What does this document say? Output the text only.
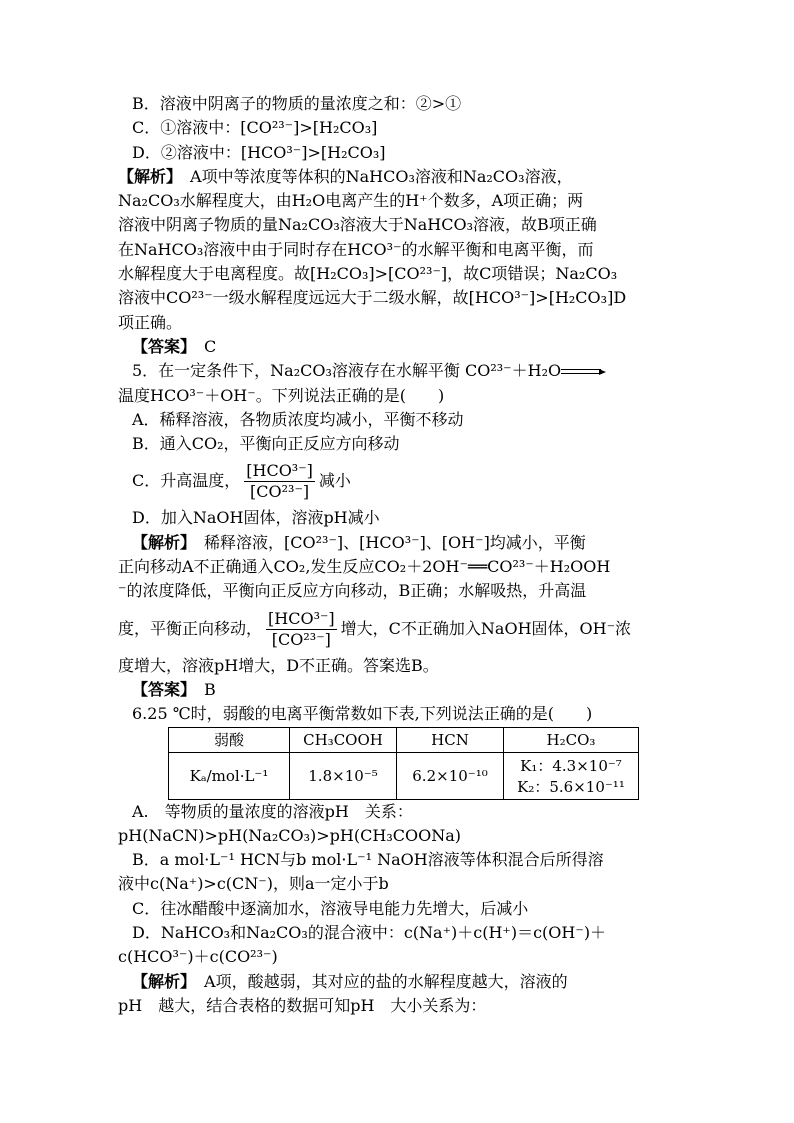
B．溶液中阴离子的物质的量浓度之和：②>①
C．①溶液中：[CO²³⁻]>[H₂CO₃]
D．②溶液中：[HCO³⁻]>[H₂CO₃]
【解析】　 A项中等浓度等体积的NaHCO₃溶液和Na₂CO₃溶液，
Na₂CO₃水解程度大，由H₂O电离产生的H⁺个数多，A项正确；两
溶液中阴离子物质的量Na₂CO₃溶液大于NaHCO₃溶液，故B项正确
在NaHCO₃溶液中由于同时存在HCO³⁻的水解平衡和电离平衡，而
水解程度大于电离程度。故[H₂CO₃]>[CO²³⁻]，故C项错误；Na₂CO₃
溶液中CO²³⁻一级水解程度远远大于二级水解，故[HCO³⁻]>[H₂CO₃]D
项正确。
【答案】　 C
5．在一定条件下，Na₂CO₃溶液存在水解平衡 CO²³⁻＋H₂O
温度HCO³⁻＋OH⁻。下列说法正确的是(　　)
A．稀释溶液，各物质浓度均减小，平衡不移动
B．通入CO₂，平衡向正反应方向移动
C．升高温度， $\frac{\text{[HCO³⁻]}}{\text{[CO²³⁻]}}$ 减小
D．加入NaOH固体，溶液pH减小
【解析】　 稀释溶液，[CO²³⁻]、[HCO³⁻]、[OH⁻]均减小，平衡
正向移动A不正确通入CO₂,发生反应CO₂＋2OH⁻══CO²³⁻＋H₂OOH
⁻的浓度降低，平衡向正反应方向移动，B正确；水解吸热，升高温
度，平衡正向移动， $\frac{\text{[HCO³⁻]}}{\text{[CO²³⁻]}}$ 增大，C不正确加入NaOH固体，OH⁻浓
度增大，溶液pH增大，D不正确。答案选B。
【答案】　 B
6.25 ℃时，弱酸的电离平衡常数如下表,下列说法正确的是(　　)
弱酸	CH₃COOH	HCN	H₂CO₃
Kₐ/mol·L⁻¹	1.8×10⁻⁵	6.2×10⁻¹⁰	K₁：4.3×10⁻⁷
K₂：5.6×10⁻¹¹
A.　等物质的量浓度的溶液pH　关系：
pH(NaCN)>pH(Na₂CO₃)>pH(CH₃COONa)
B．a mol·L⁻¹ HCN与b mol·L⁻¹ NaOH溶液等体积混合后所得溶
液中c(Na⁺)>c(CN⁻)，则a一定小于b
C．往冰醋酸中逐滴加水，溶液导电能力先增大，后减小
D．NaHCO₃和Na₂CO₃的混合液中：c(Na⁺)＋c(H⁺)＝c(OH⁻)＋
c(HCO³⁻)＋c(CO²³⁻)
【解析】　 A项，酸越弱，其对应的盐的水解程度越大，溶液的
pH　越大，结合表格的数据可知pH　大小关系为：
